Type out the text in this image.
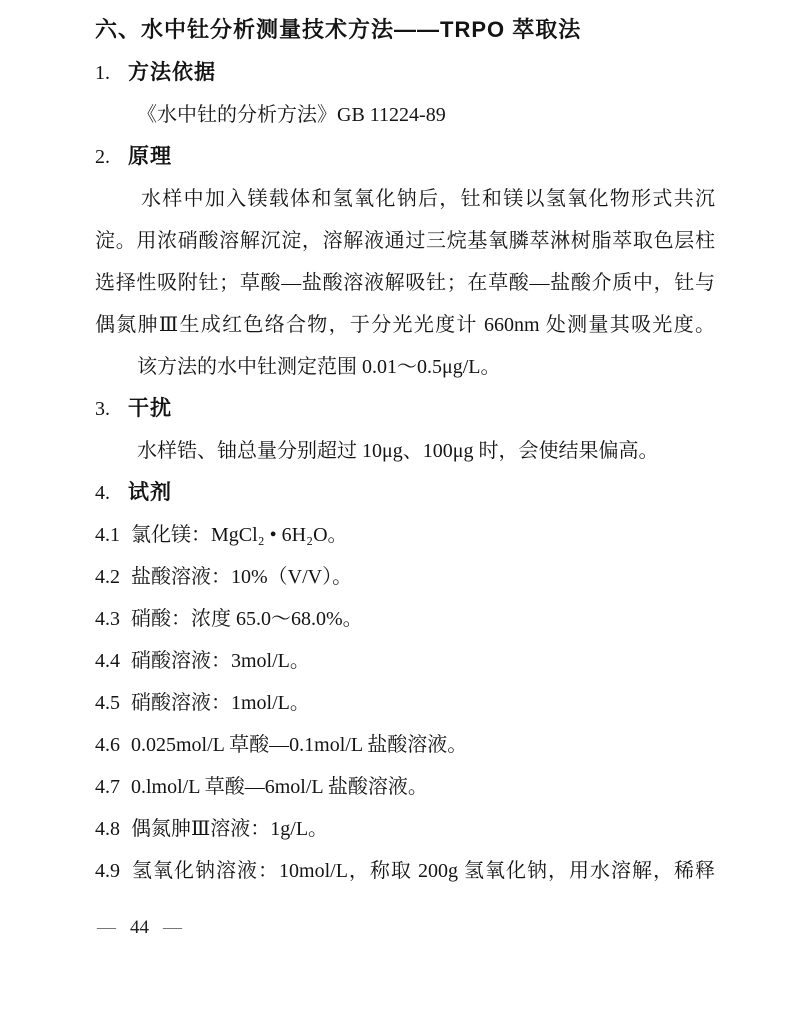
六、水中钍分析测量技术方法——TRPO 萃取法
1. 方法依据
《水中钍的分析方法》GB 11224-89
2. 原理
水样中加入镁载体和氢氧化钠后，钍和镁以氢氧化物形式共沉
淀。用浓硝酸溶解沉淀，溶解液通过三烷基氧膦萃淋树脂萃取色层柱
选择性吸附钍；草酸—盐酸溶液解吸钍；在草酸—盐酸介质中，钍与
偶氮胂Ⅲ生成红色络合物，于分光光度计 660nm 处测量其吸光度。
该方法的水中钍测定范围 0.01～0.5μg/L。
3. 干扰
水样锆、铀总量分别超过 10μg、100μg 时，会使结果偏高。
4. 试剂
4.1 氯化镁：MgCl₂ • 6H₂O。
4.2 盐酸溶液：10%（V/V）。
4.3 硝酸：浓度 65.0～68.0%。
4.4 硝酸溶液：3mol/L。
4.5 硝酸溶液：1mol/L。
4.6 0.025mol/L 草酸—0.1mol/L 盐酸溶液。
4.7 0.lmol/L 草酸—6mol/L 盐酸溶液。
4.8 偶氮胂Ⅲ溶液：1g/L。
4.9 氢氧化钠溶液：10mol/L，称取 200g 氢氧化钠，用水溶解，稀释
— 44 —
